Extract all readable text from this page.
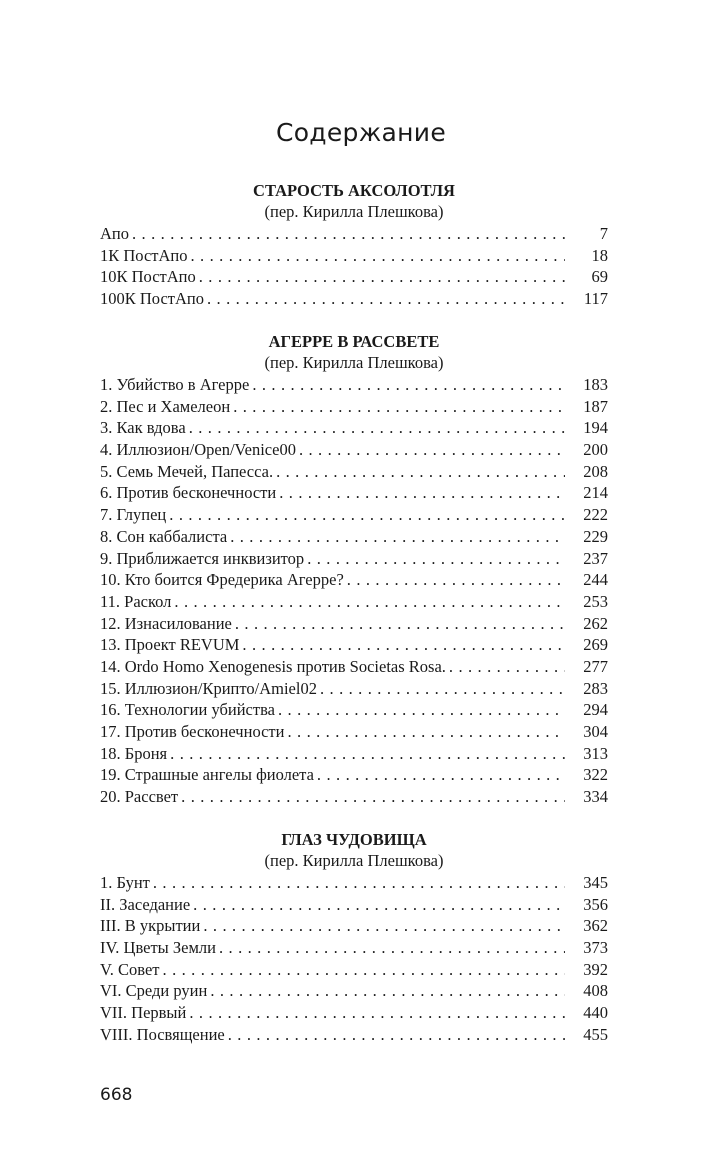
Содержание
СТАРОСТЬ АКСОЛОТЛЯ
(пер. Кирилла Плешкова)
Апо . . .	7
1К ПостАпо . . .	18
10К ПостАпо . . .	69
100К ПостАпо . . .	117
АГЕРРЕ В РАССВЕТЕ
(пер. Кирилла Плешкова)
1. Убийство в Агерре . . .	183
2. Пес и Хамелеон . . .	187
3. Как вдова . . .	194
4. Иллюзион/Open/Venice00 . . .	200
5. Семь Мечей, Папесса. . . .	208
6. Против бесконечности . . .	214
7. Глупец . . .	222
8. Сон каббалиста . . .	229
9. Приближается инквизитор . . .	237
10. Кто боится Фредерика Агерре? . . .	244
11. Раскол . . .	253
12. Изнасилование . . .	262
13. Проект REVUM . . .	269
14. Ordo Homo Xenogenesis против Societas Rosa. . . .	277
15. Иллюзион/Крипто/Amiel02 . . .	283
16. Технологии убийства . . .	294
17. Против бесконечности . . .	304
18. Броня . . .	313
19. Страшные ангелы фиолета . . .	322
20. Рассвет . . .	334
ГЛАЗ ЧУДОВИЩА
(пер. Кирилла Плешкова)
1. Бунт . . .	345
II. Заседание . . .	356
III. В укрытии . . .	362
IV. Цветы Земли . . .	373
V. Совет . . .	392
VI. Среди руин . . .	408
VII. Первый . . .	440
VIII. Посвящение . . .	455
668
